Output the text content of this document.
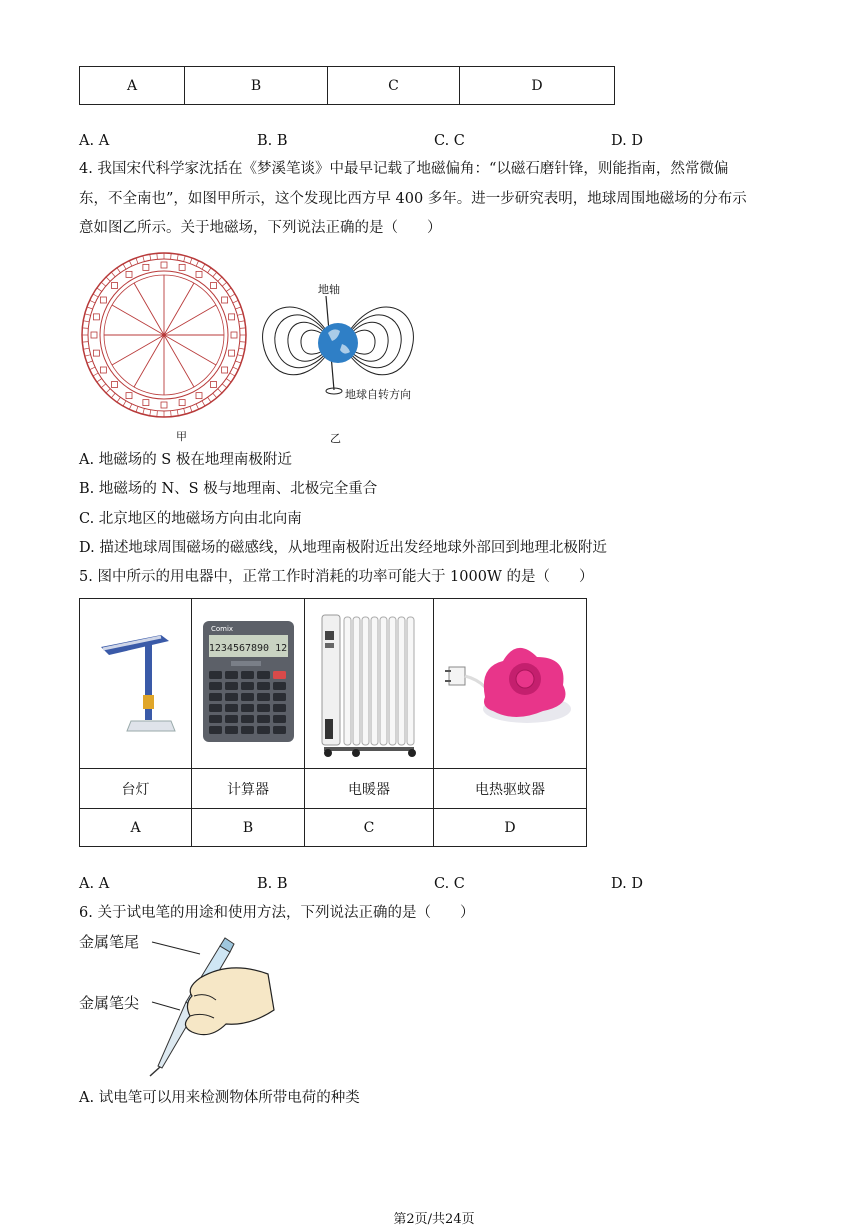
A	B	C	D
A. A	B. B	C. C	D. D
4. 我国宋代科学家沈括在《梦溪笔谈》中最早记载了地磁偏角：“以磁石磨针锋，则能指南，然常微偏
东，不全南也”，如图甲所示，这个发现比西方早 400 多年。进一步研究表明，地球周围地磁场的分布示
意如图乙所示。关于地磁场，下列说法正确的是（　　）
甲
地轴
地球自转方向
乙
A. 地磁场的 S 极在地理南极附近
B. 地磁场的 N、S 极与地理南、北极完全重合
C. 北京地区的地磁场方向由北向南
D. 描述地球周围磁场的磁感线，从地理南极附近出发经地球外部回到地理北极附近
5. 图中所示的用电器中，正常工作时消耗的功率可能大于 1000W 的是（　　）

Comix
1234567890 12

台灯	计算器	电暖器	电热驱蚊器
A	B	C	D
A. A	B. B	C. C	D. D
6. 关于试电笔的用途和使用方法，下列说法正确的是（　　）
金属笔尾
金属笔尖
A. 试电笔可以用来检测物体所带电荷的种类
第2页/共24页
